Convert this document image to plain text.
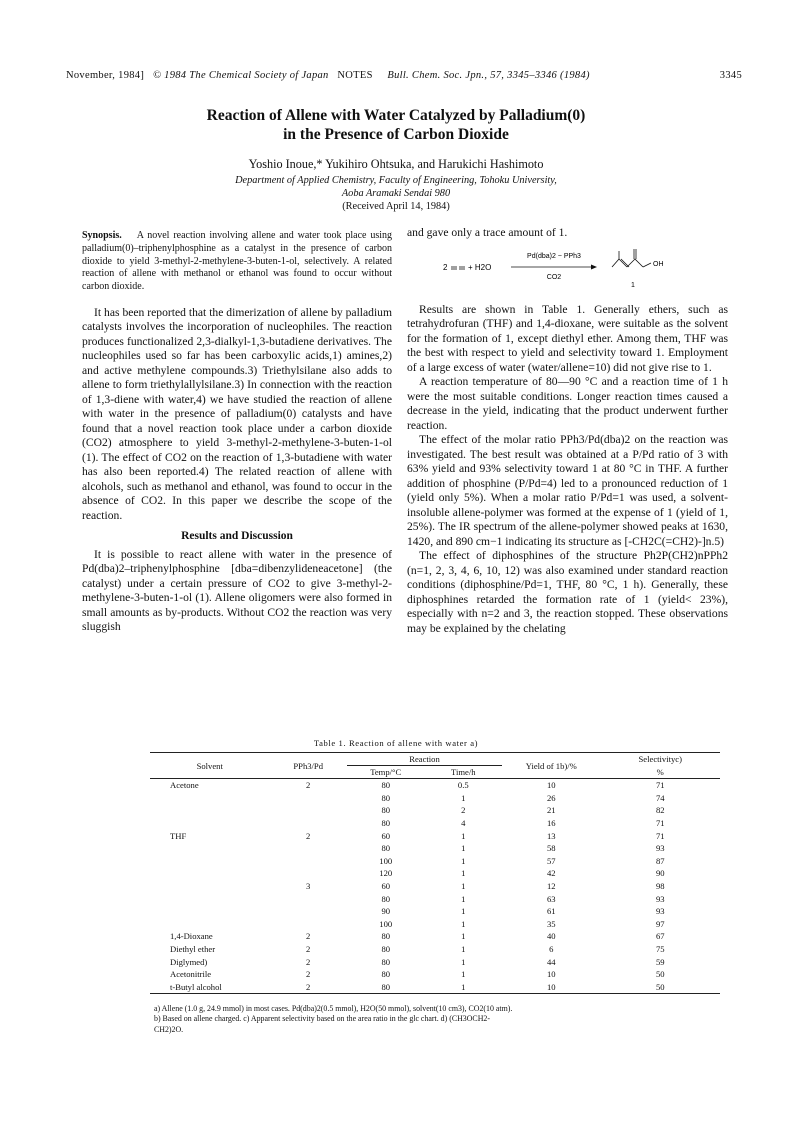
November, 1984] © 1984 The Chemical Society of Japan NOTES Bull. Chem. Soc. Jpn., 57, 3345–3346 (1984)	3345
Reaction of Allene with Water Catalyzed by Palladium(0)
in the Presence of Carbon Dioxide
Yoshio Inoue,* Yukihiro Ohtsuka, and Harukichi Hashimoto
Department of Applied Chemistry, Faculty of Engineering, Tohoku University,
Aoba Aramaki Sendai 980
(Received April 14, 1984)
Synopsis. A novel reaction involving allene and water took place using palladium(0)–triphenylphosphine as a catalyst in the presence of carbon dioxide to yield 3-methyl-2-methylene-3-buten-1-ol, selectively. A related reaction of allene with methanol or ethanol was found to occur without carbon dioxide.

It has been reported that the dimerization of allene by palladium catalysts involves the incorporation of nucleophiles. The reaction produces functionalized 2,3-dialkyl-1,3-butadiene derivatives. The nucleophiles used so far has been carboxylic acids,1) amines,2) and active methylene compounds.3) Triethylsilane also adds to allene to form triethylallylsilane.3) In connection with the reaction of 1,3-diene with water,4) we have studied the reaction of allene with water in the presence of palladium(0) catalysts and have found that a novel reaction took place under a carbon dioxide (CO2) atmosphere to yield 3-methyl-2-methylene-3-buten-1-ol (1). The effect of CO2 on the reaction of 1,3-butadiene with water has also been reported.4) The related reaction of allene with alcohols, such as methanol and ethanol, was found to occur in the absence of CO2. In this paper we describe the scope of the reaction.

Results and Discussion

It is possible to react allene with water in the presence of Pd(dba)2–triphenylphosphine [dba=dibenzylideneacetone] (the catalyst) under a certain pressure of CO2 to give 3-methyl-2-methylene-3-buten-1-ol (1). Allene oligomers were also formed in small amounts as by-products. Without CO2 the reaction was very sluggish

and gave only a trace amount of 1.
2	+ H2O
Pd(dba)2 − PPh3
CO2
OH
1

Results are shown in Table 1. Generally ethers, such as tetrahydrofuran (THF) and 1,4-dioxane, were suitable as the solvent for the formation of 1, except diethyl ether. Among them, THF was the best with respect to yield and selectivity toward 1. Employment of a large excess of water (water/allene=10) did not give rise to 1.

A reaction temperature of 80—90 °C and a reaction time of 1 h were the most suitable conditions. Longer reaction times caused a decrease in the yield, indicating that the product underwent further reaction.

The effect of the molar ratio PPh3/Pd(dba)2 on the reaction was investigated. The best result was obtained at a P/Pd ratio of 3 with 63% yield and 93% selectivity toward 1 at 80 °C in THF. A further addition of phosphine (P/Pd=4) led to a pronounced reduction of 1 (yield only 5%). When a molar ratio P/Pd=1 was used, a solvent-insoluble allene-polymer was formed at the expense of 1 (yield of 1, 25%). The IR spectrum of the allene-polymer showed peaks at 1630, 1420, and 890 cm−1 indicating its structure as [-CH2C(=CH2)-]n.5)

The effect of diphosphines of the structure Ph2P(CH2)nPPh2 (n=1, 2, 3, 4, 6, 10, 12) was also examined under standard reaction conditions (diphosphine/Pd=1, THF, 80 °C, 1 h). Generally, these diphosphines retarded the formation rate of 1 (yield< 23%), especially with n=2 and 3, the reaction stopped. These observations may be explained by the chelating

Table 1. Reaction of allene with water a)
Solvent	PPh3/Pd	Reaction		Yield of 1b)/%	Selectivityc)
		Temp/°C	Time/h		%
Acetone	2	80	0.5	10	71
		80	1	26	74
		80	2	21	82
		80	4	16	71
THF	2	60	1	13	71
		80	1	58	93
		100	1	57	87
		120	1	42	90
	3	60	1	12	98
		80	1	63	93
		90	1	61	93
		100	1	35	97
1,4-Dioxane	2	80	1	40	67
Diethyl ether	2	80	1	6	75
Diglymed)	2	80	1	44	59
Acetonitrile	2	80	1	10	50
t-Butyl alcohol	2	80	1	10	50
a) Allene (1.0 g, 24.9 mmol) in most cases. Pd(dba)2(0.5 mmol), H2O(50 mmol), solvent(10 cm3), CO2(10 atm).
b) Based on allene charged. c) Apparent selectivity based on the area ratio in the glc chart. d) (CH3OCH2-
CH2)2O.
